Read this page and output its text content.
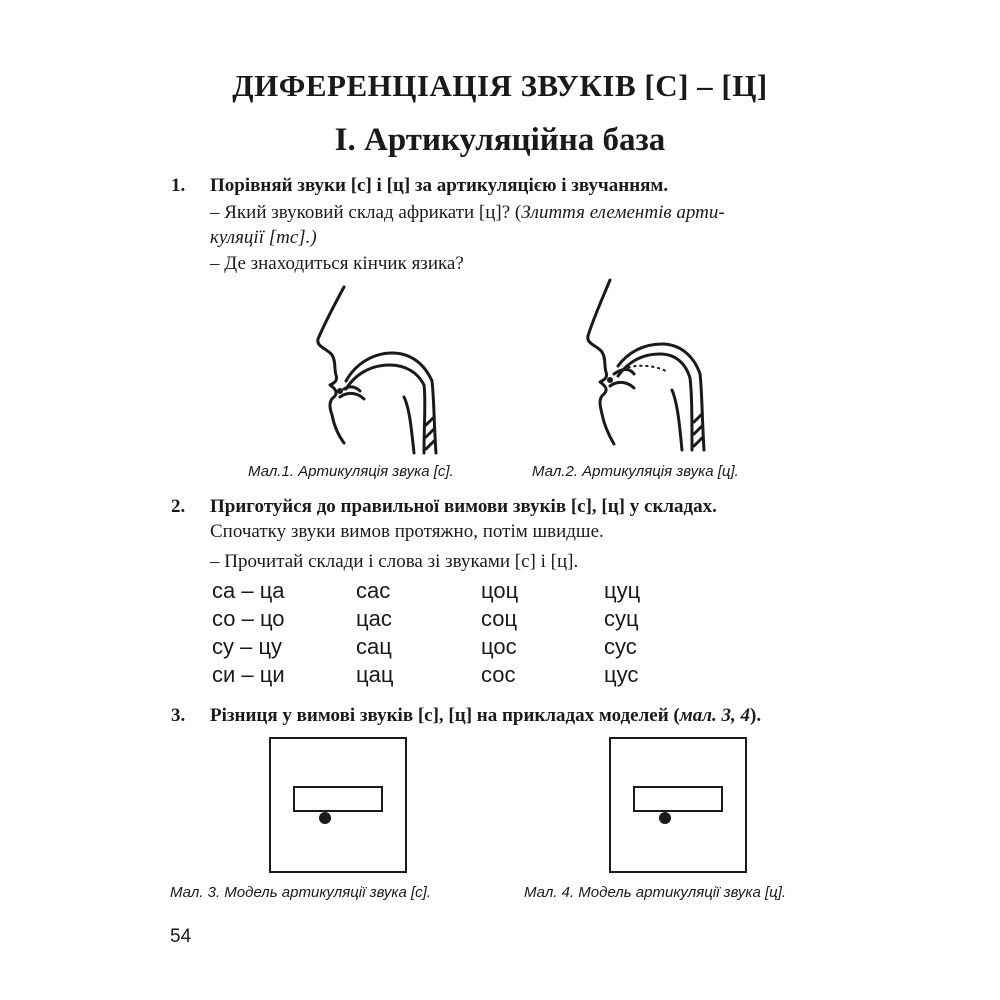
ДИФЕРЕНЦІАЦІЯ ЗВУКІВ [С] – [Ц]
І. Артикуляційна база
1. Порівняй звуки [с] і [ц] за артикуляцією і звучанням.
– Який звуковий склад африкати [ц]? (Злиття елементів арти-
куляції [тс].)
– Де знаходиться кінчик язика?
Мал.1. Артикуляція звука [с].	Мал.2. Артикуляція звука [ц].
2. Приготуйся до правильної вимови звуків [с], [ц] у складах.
Спочатку звуки вимов протяжно, потім швидше.
– Прочитай склади і слова зі звуками [с] і [ц].
са – ца	сас	цоц	цуц
со – цо	цас	соц	суц
су – цу	сац	цос	сус
си – ци	цац	сос	цус
3. Різниця у вимові звуків [с], [ц] на прикладах моделей (мал. 3, 4).
Мал. 3. Модель артикуляції звука [с].	Мал. 4. Модель артикуляції звука [ц].
54
